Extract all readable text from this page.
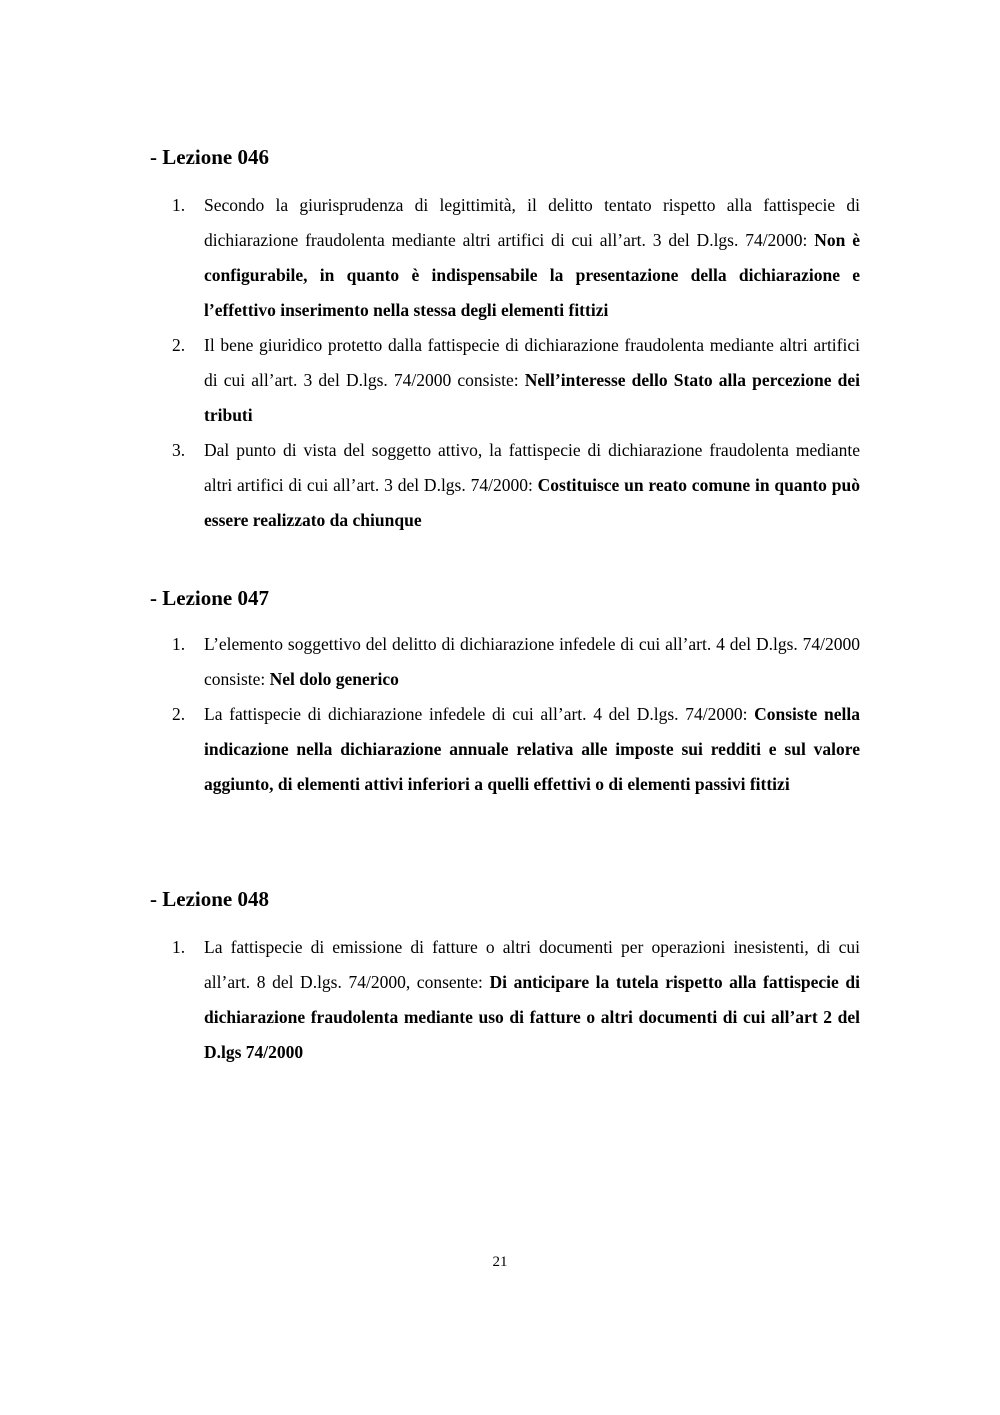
- Lezione 046
1. Secondo la giurisprudenza di legittimità, il delitto tentato rispetto alla fattispecie di dichiarazione fraudolenta mediante altri artifici di cui all’art. 3 del D.lgs. 74/2000: Non è configurabile, in quanto è indispensabile la presentazione della dichiarazione e l’effettivo inserimento nella stessa degli elementi fittizi

2. Il bene giuridico protetto dalla fattispecie di dichiarazione fraudolenta mediante altri artifici di cui all’art. 3 del D.lgs. 74/2000 consiste: Nell’interesse dello Stato alla percezione dei tributi

3. Dal punto di vista del soggetto attivo, la fattispecie di dichiarazione fraudolenta mediante altri artifici di cui all’art. 3 del D.lgs. 74/2000: Costituisce un reato comune in quanto può essere realizzato da chiunque

- Lezione 047
1. L’elemento soggettivo del delitto di dichiarazione infedele di cui all’art. 4 del D.lgs. 74/2000 consiste: Nel dolo generico

2. La fattispecie di dichiarazione infedele di cui all’art. 4 del D.lgs. 74/2000: Consiste nella indicazione nella dichiarazione annuale relativa alle imposte sui redditi e sul valore aggiunto, di elementi attivi inferiori a quelli effettivi o di elementi passivi fittizi

- Lezione 048
1. La fattispecie di emissione di fatture o altri documenti per operazioni inesistenti, di cui all’art. 8 del D.lgs. 74/2000, consente: Di anticipare la tutela rispetto alla fattispecie di dichiarazione fraudolenta mediante uso di fatture o altri documenti di cui all’art 2 del D.lgs 74/2000

21
